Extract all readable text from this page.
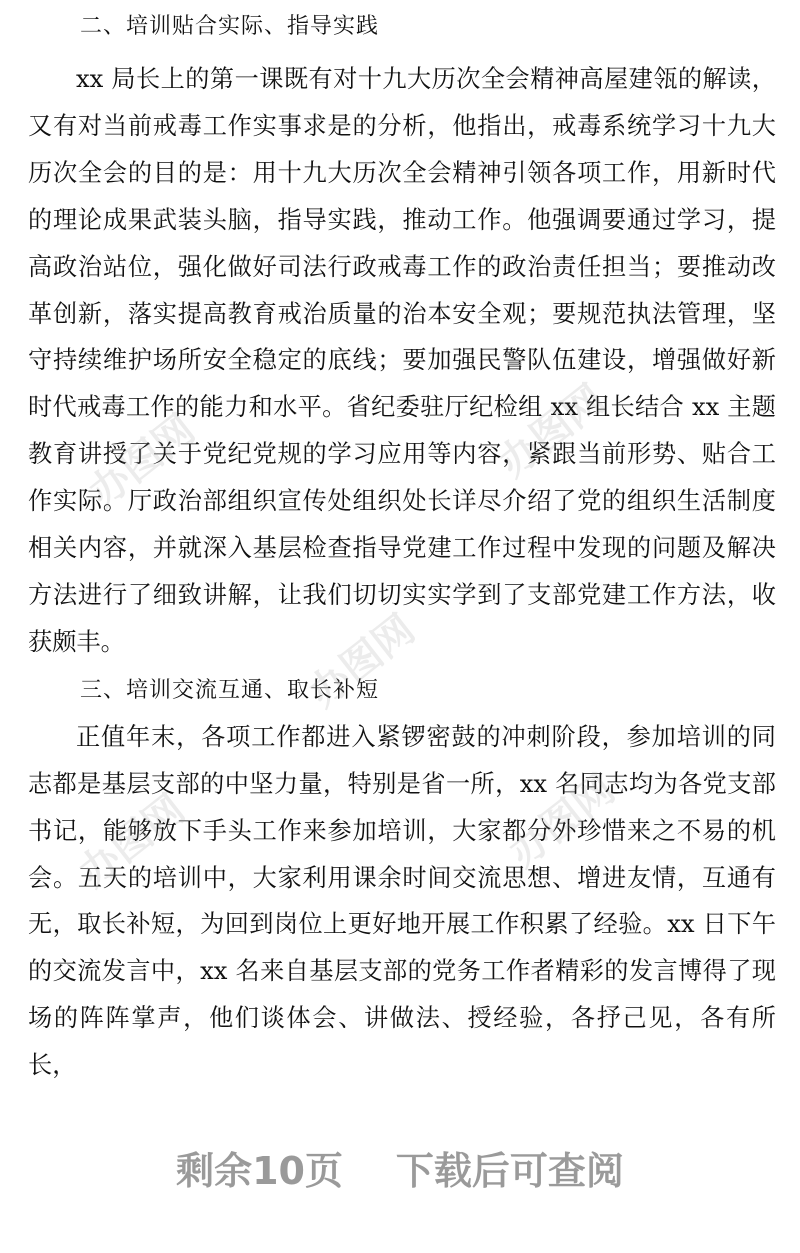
二、培训贴合实际、指导实践

xx 局长上的第一课既有对十九大历次全会精神高屋建瓴的解读，又有对当前戒毒工作实事求是的分析，他指出，戒毒系统学习十九大历次全会的目的是：用十九大历次全会精神引领各项工作，用新时代的理论成果武装头脑，指导实践，推动工作。他强调要通过学习，提高政治站位，强化做好司法行政戒毒工作的政治责任担当；要推动改革创新，落实提高教育戒治质量的治本安全观；要规范执法管理，坚守持续维护场所安全稳定的底线；要加强民警队伍建设，增强做好新时代戒毒工作的能力和水平。省纪委驻厅纪检组 xx 组长结合 xx 主题教育讲授了关于党纪党规的学习应用等内容，紧跟当前形势、贴合工作实际。厅政治部组织宣传处组织处长详尽介绍了党的组织生活制度相关内容，并就深入基层检查指导党建工作过程中发现的问题及解决方法进行了细致讲解，让我们切切实实学到了支部党建工作方法，收获颇丰。

三、培训交流互通、取长补短

正值年末，各项工作都进入紧锣密鼓的冲刺阶段，参加培训的同志都是基层支部的中坚力量，特别是省一所，xx 名同志均为各党支部书记，能够放下手头工作来参加培训，大家都分外珍惜来之不易的机会。五天的培训中，大家利用课余时间交流思想、增进友情，互通有无，取长补短，为回到岗位上更好地开展工作积累了经验。xx 日下午的交流发言中，xx 名来自基层支部的党务工作者精彩的发言博得了现场的阵阵掌声，他们谈体会、讲做法、授经验，各抒己见，各有所长，

办图网	办图网
办图网
办图网	办图网
剩余10页 下载后可查阅
